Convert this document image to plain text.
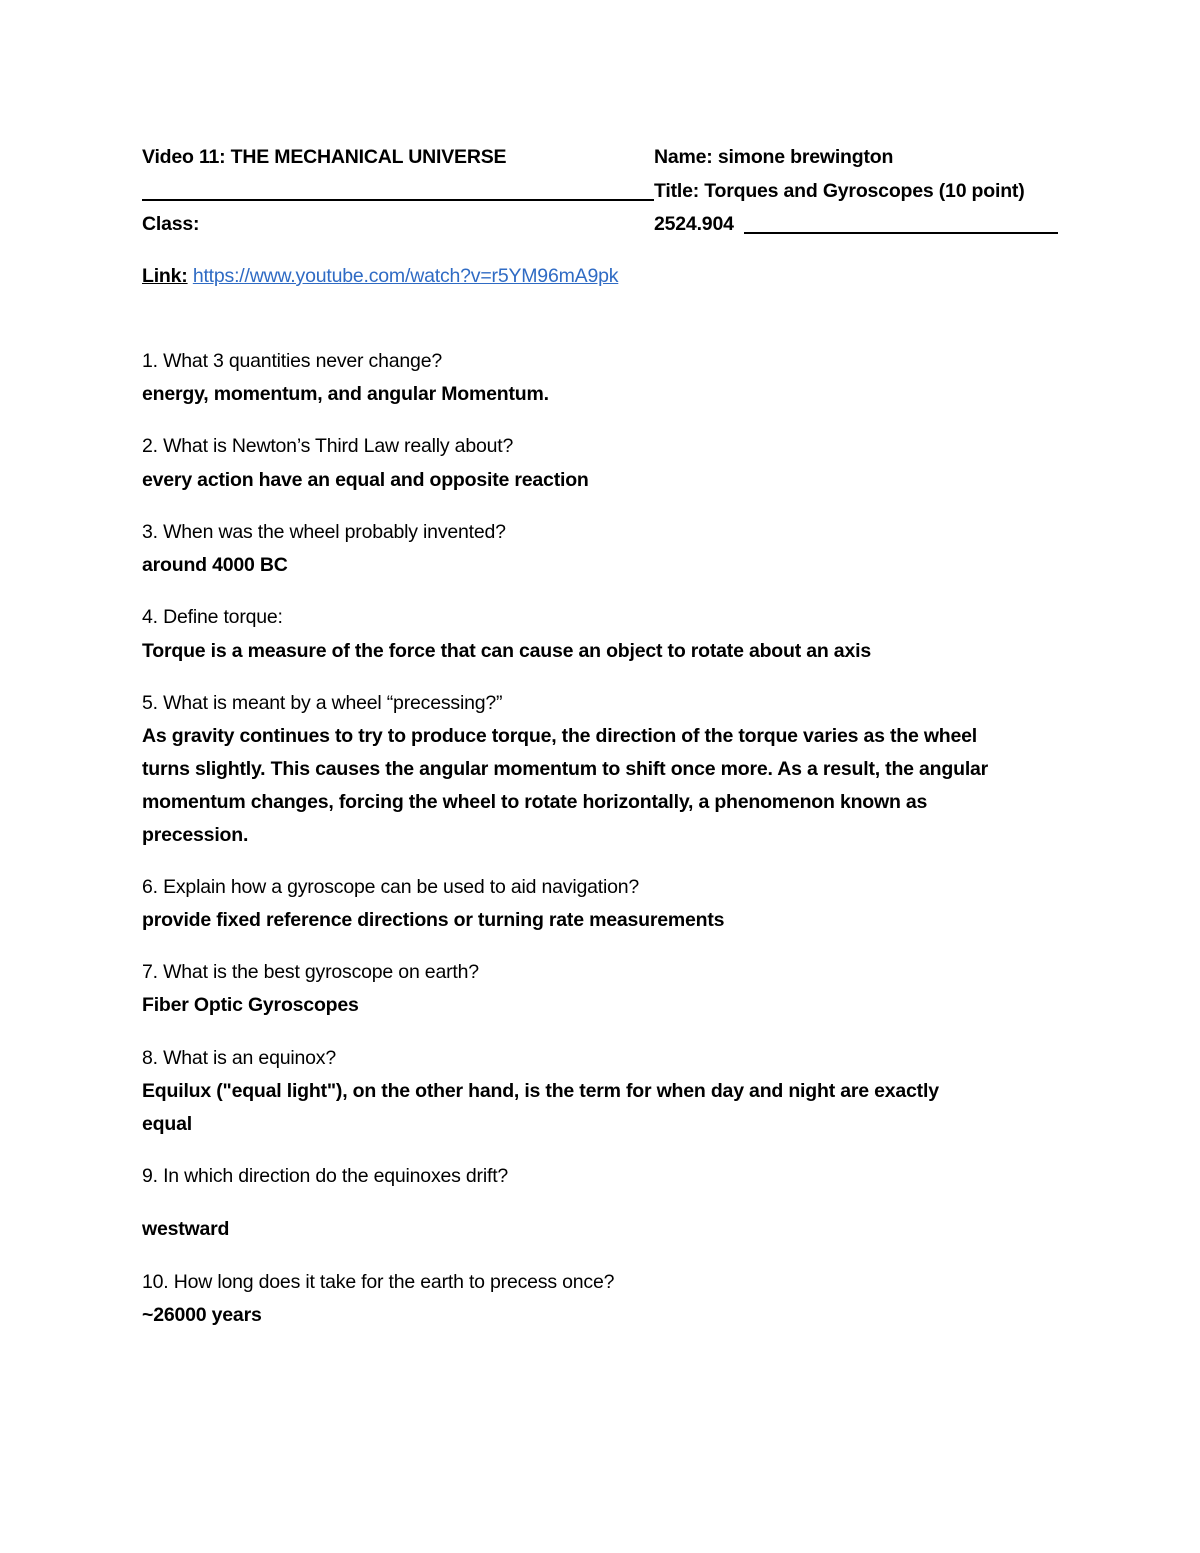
Video 11: THE MECHANICAL UNIVERSE	Name: simone brewington
Title: Torques and Gyroscopes (10 point)
Class:	2524.904
Link: https://www.youtube.com/watch?v=r5YM96mA9pk
1. What 3 quantities never change?
energy, momentum, and angular Momentum.
2. What is Newton’s Third Law really about?
every action have an equal and opposite reaction
3. When was the wheel probably invented?
around 4000 BC
4. Define torque:
Torque is a measure of the force that can cause an object to rotate about an axis
5. What is meant by a wheel “precessing?”
As gravity continues to try to produce torque, the direction of the torque varies as the wheel
turns slightly. This causes the angular momentum to shift once more. As a result, the angular
momentum changes, forcing the wheel to rotate horizontally, a phenomenon known as
precession.
6. Explain how a gyroscope can be used to aid navigation?
provide fixed reference directions or turning rate measurements
7. What is the best gyroscope on earth?
Fiber Optic Gyroscopes
8. What is an equinox?
Equilux ("equal light"), on the other hand, is the term for when day and night are exactly
equal
9. In which direction do the equinoxes drift?
westward
10. How long does it take for the earth to precess once?
~26000 years
